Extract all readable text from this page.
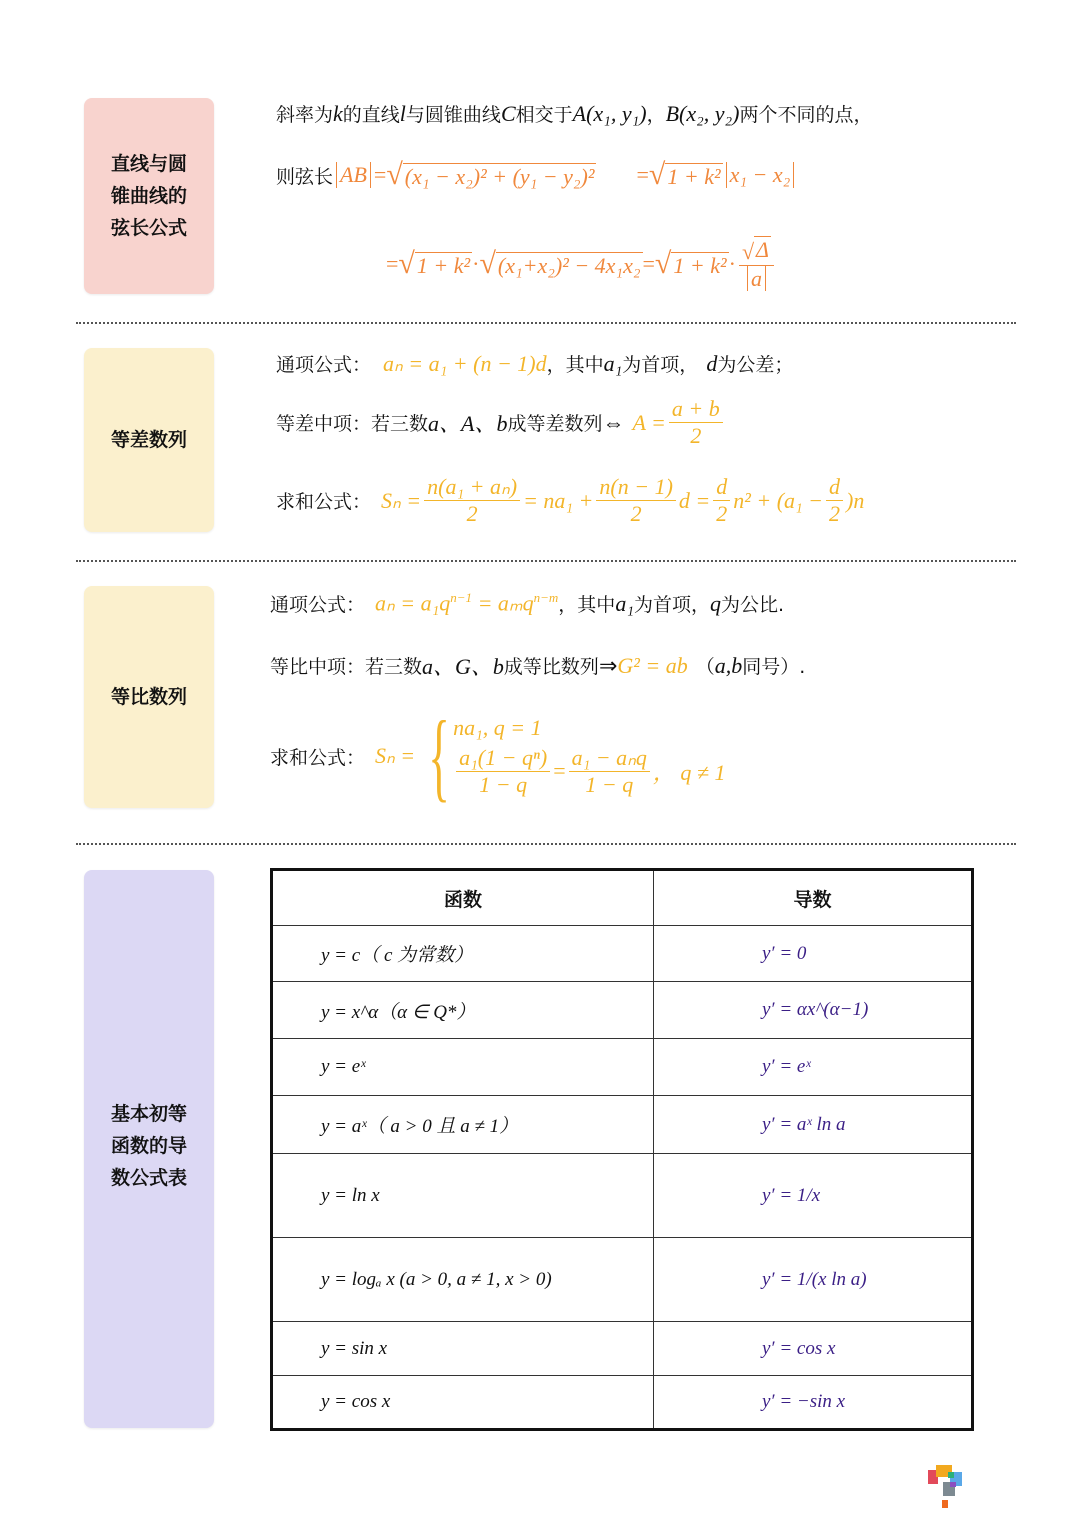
直线与圆
锥曲线的
弦长公式
斜率为 k 的直线 l 与圆锥曲线 C 相交于 A(x₁, y₁) ， B(x₂, y₂) 两个不同的点，
则弦长 AB = √ (x₁ − x₂)² + (y₁ − y₂)² = √ 1 + k² x₁ − x₂
= √ 1 + k² · √ (x₁+x₂)² − 4x₁x₂ = √ $1 + k^2 \cdot \frac{√ \Delta}{a}$
等差数列
通项公式： aₙ = a₁ + (n − 1)d ，其中 a₁ 为首项， d 为公差；
等差中项： 若三数 a、A、b 成等差数列 ⇔ $A = \frac{a + b}{2}$
求和公式： $S_n = \frac{\text{n(a₁ + aₙ)}}{2} = na_1 + \frac{n(n - 1)}{2}$ $d = \frac{d}{2} n^2 + (a_1 - \frac{d}{2} )n$
等比数列
通项公式： $a_n = a_1q^{n-1} = a_mq^{n-m}$ ，其中 a₁ 为首项， q 为公比.
等比中项： 若三数 a、G、b 成等比数列 ⇒ G² = ab （ a,b 同号）.
求和公式： Sₙ = { na₁, q = 1
$\frac{\text{a₁(1 − qⁿ)}}{1 - q} = \frac{\text{a₁ − aₙq}}{1 - q}$ ， q ≠ 1
基本初等
函数的导
数公式表
函数	导数
y = c（ c 为常数）	y′ = 0
y = x^α（α ∈ Q*）	y′ = αx^(α−1)
y = eˣ	y′ = eˣ
y = aˣ（ a > 0 且 a ≠ 1）	y′ = aˣ ln a
y = ln x	y′ = 1/x
y = logₐ x (a > 0, a ≠ 1, x > 0)	y′ = 1/(x ln a)
y = sin x	y′ = cos x
y = cos x	y′ = −sin x
